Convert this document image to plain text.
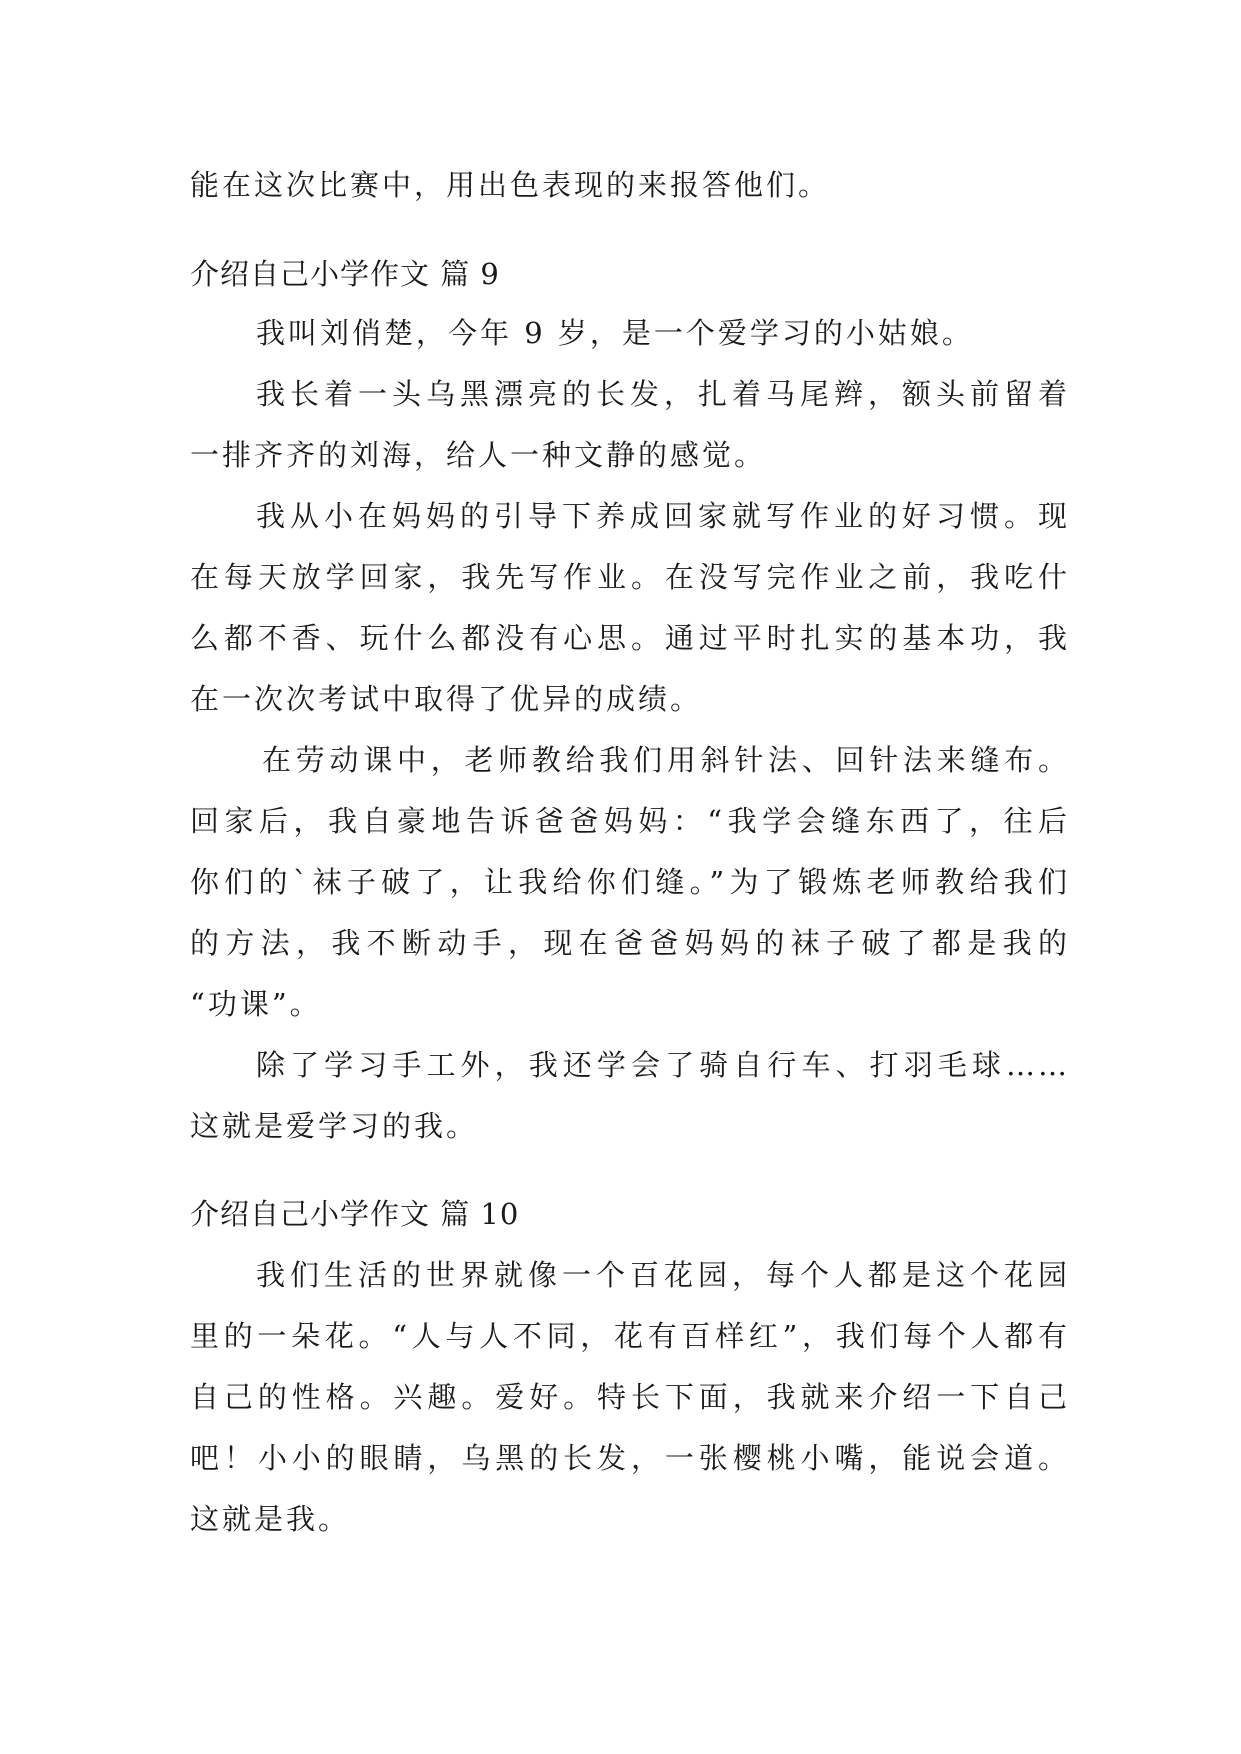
能在这次比赛中，用出色表现的来报答他们。
介绍自己小学作文 篇 9
我叫刘俏楚，今年 9 岁，是一个爱学习的小姑娘。
我长着一头乌黑漂亮的长发，扎着马尾辫，额头前留着
一排齐齐的刘海，给人一种文静的感觉。
我从小在妈妈的引导下养成回家就写作业的好习惯。现
在每天放学回家，我先写作业。在没写完作业之前，我吃什
么都不香、玩什么都没有心思。通过平时扎实的基本功，我
在一次次考试中取得了优异的成绩。
在劳动课中，老师教给我们用斜针法、回针法来缝布。
回家后，我自豪地告诉爸爸妈妈：“我学会缝东西了，往后
你们的`袜子破了，让我给你们缝。”为了锻炼老师教给我们
的方法，我不断动手，现在爸爸妈妈的袜子破了都是我的
“功课”。
除了学习手工外，我还学会了骑自行车、打羽毛球……
这就是爱学习的我。
介绍自己小学作文 篇 10
我们生活的世界就像一个百花园，每个人都是这个花园
里的一朵花。“人与人不同，花有百样红”，我们每个人都有
自己的性格。兴趣。爱好。特长下面，我就来介绍一下自己
吧！小小的眼睛，乌黑的长发，一张樱桃小嘴，能说会道。
这就是我。
